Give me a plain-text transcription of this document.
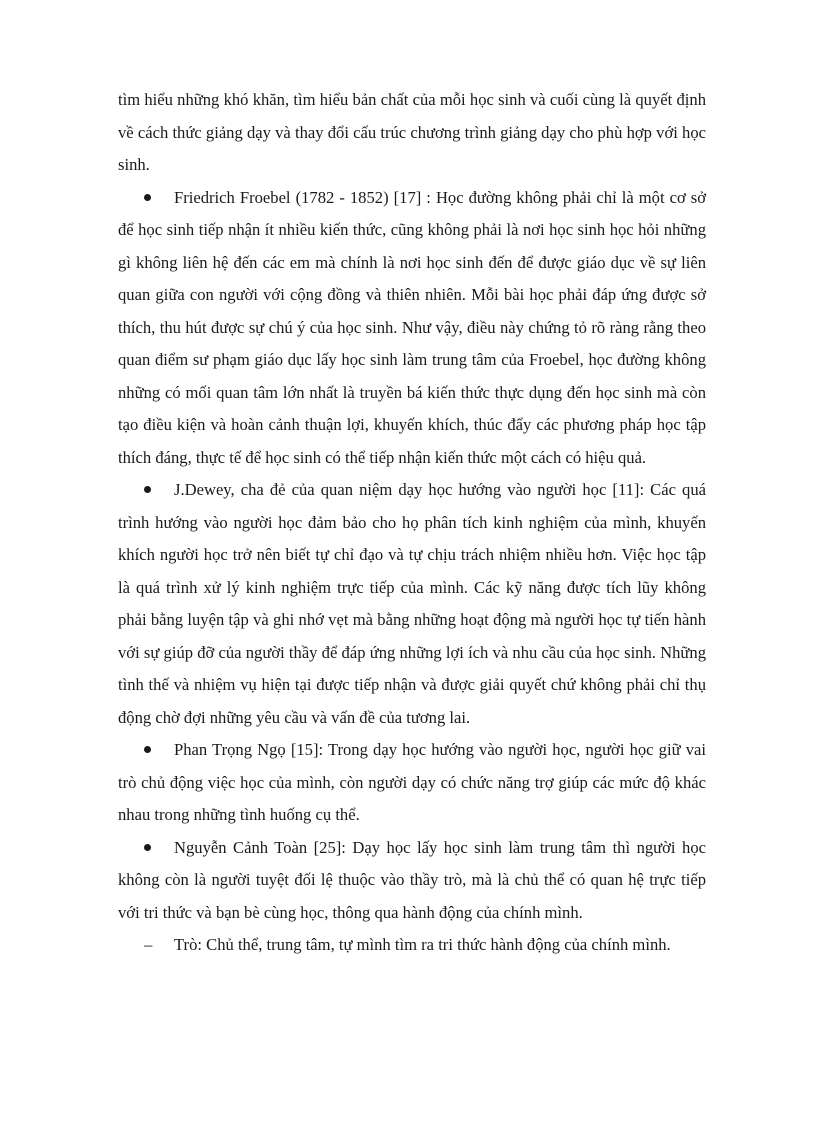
tìm hiểu những khó khăn, tìm hiểu bản chất của mỗi học sinh và cuối cùng là quyết định về cách thức giảng dạy và thay đổi cấu trúc chương trình giảng dạy cho phù hợp với học sinh.

Friedrich Froebel (1782 - 1852) [17] : Học đường không phải chỉ là một cơ sở để học sinh tiếp nhận ít nhiều kiến thức, cũng không phải là nơi học sinh học hỏi những gì không liên hệ đến các em mà chính là nơi học sinh đến để được giáo dục về sự liên quan giữa con người với cộng đồng và thiên nhiên. Mỗi bài học phải đáp ứng được sở thích, thu hút được sự chú ý của học sinh. Như vậy, điều này chứng tỏ rõ ràng rằng theo quan điểm sư phạm giáo dục lấy học sinh làm trung tâm của Froebel, học đường không những có mối quan tâm lớn nhất là truyền bá kiến thức thực dụng đến học sinh mà còn tạo điều kiện và hoàn cảnh thuận lợi, khuyến khích, thúc đẩy các phương pháp học tập thích đáng, thực tế để học sinh có thể tiếp nhận kiến thức một cách có hiệu quả.

J.Dewey, cha đẻ của quan niệm dạy học hướng vào người học [11]: Các quá trình hướng vào người học đảm bảo cho họ phân tích kinh nghiệm của mình, khuyến khích người học trở nên biết tự chỉ đạo và tự chịu trách nhiệm nhiều hơn. Việc học tập là quá trình xử lý kinh nghiệm trực tiếp của mình. Các kỹ năng được tích lũy không phải bằng luyện tập và ghi nhớ vẹt mà bằng những hoạt động mà người học tự tiến hành với sự giúp đỡ của người thầy để đáp ứng những lợi ích và nhu cầu của học sinh. Những tình thế và nhiệm vụ hiện tại được tiếp nhận và được giải quyết chứ không phải chỉ thụ động chờ đợi những yêu cầu và vấn đề của tương lai.

Phan Trọng Ngọ [15]: Trong dạy học hướng vào người học, người học giữ vai trò chủ động việc học của mình, còn người dạy có chức năng trợ giúp các mức độ khác nhau trong những tình huống cụ thể.

Nguyễn Cảnh Toàn [25]: Dạy học lấy học sinh làm trung tâm thì người học không còn là người tuyệt đối lệ thuộc vào thầy trò, mà là chủ thể có quan hệ trực tiếp với tri thức và bạn bè cùng học, thông qua hành động của chính mình.

– Trò: Chủ thể, trung tâm, tự mình tìm ra tri thức hành động của chính mình.
